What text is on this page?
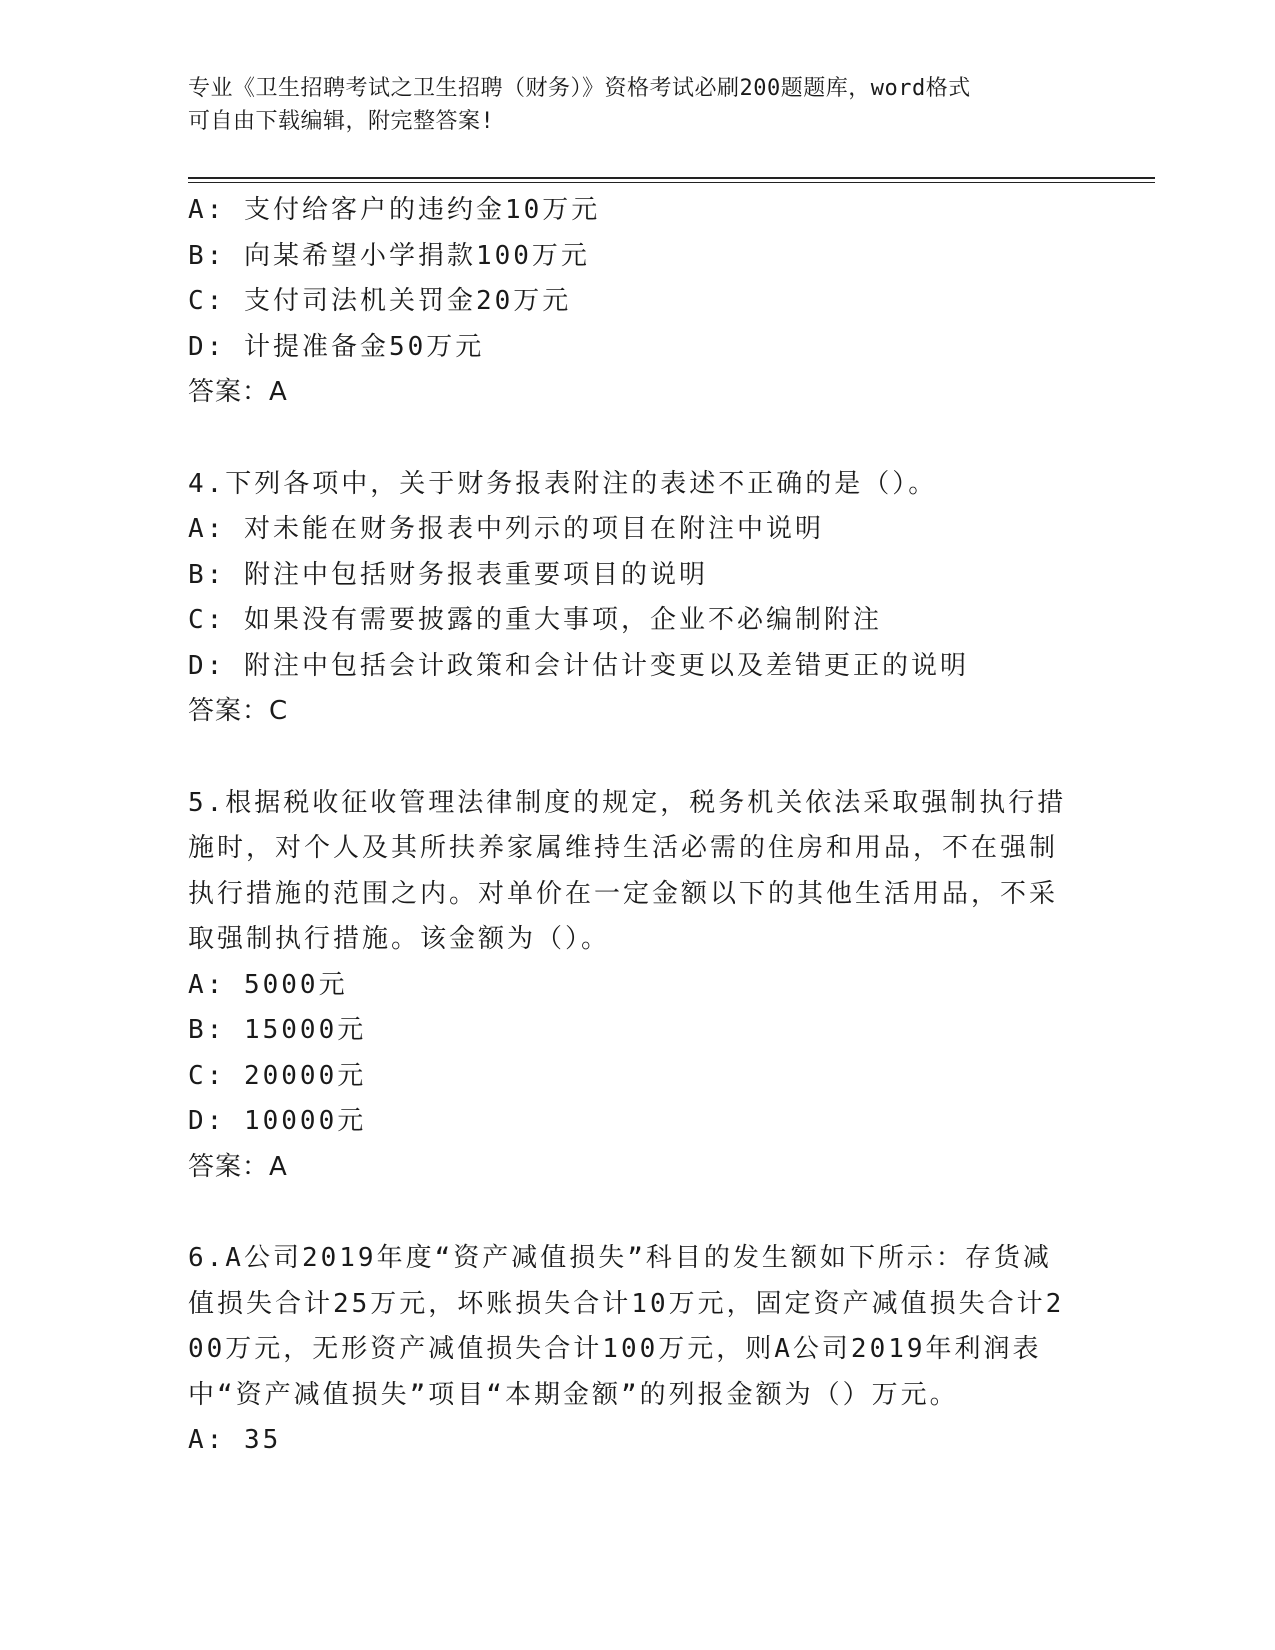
专业《卫生招聘考试之卫生招聘（财务）》资格考试必刷200题题库，word格式
可自由下载编辑，附完整答案!
A: 支付给客户的违约金10万元
B: 向某希望小学捐款100万元
C: 支付司法机关罚金20万元
D: 计提准备金50万元
答案：A
4.下列各项中，关于财务报表附注的表述不正确的是（）。
A: 对未能在财务报表中列示的项目在附注中说明
B: 附注中包括财务报表重要项目的说明
C: 如果没有需要披露的重大事项，企业不必编制附注
D: 附注中包括会计政策和会计估计变更以及差错更正的说明
答案：C
5.根据税收征收管理法律制度的规定，税务机关依法采取强制执行措施时，对个人及其所扶养家属维持生活必需的住房和用品，不在强制执行措施的范围之内。对单价在一定金额以下的其他生活用品，不采取强制执行措施。该金额为（）。
A: 5000元
B: 15000元
C: 20000元
D: 10000元
答案：A
6.A公司2019年度“资产减值损失”科目的发生额如下所示：存货减值损失合计25万元，坏账损失合计10万元，固定资产减值损失合计200万元，无形资产减值损失合计100万元，则A公司2019年利润表中“资产减值损失”项目“本期金额”的列报金额为（）万元。
A: 35
